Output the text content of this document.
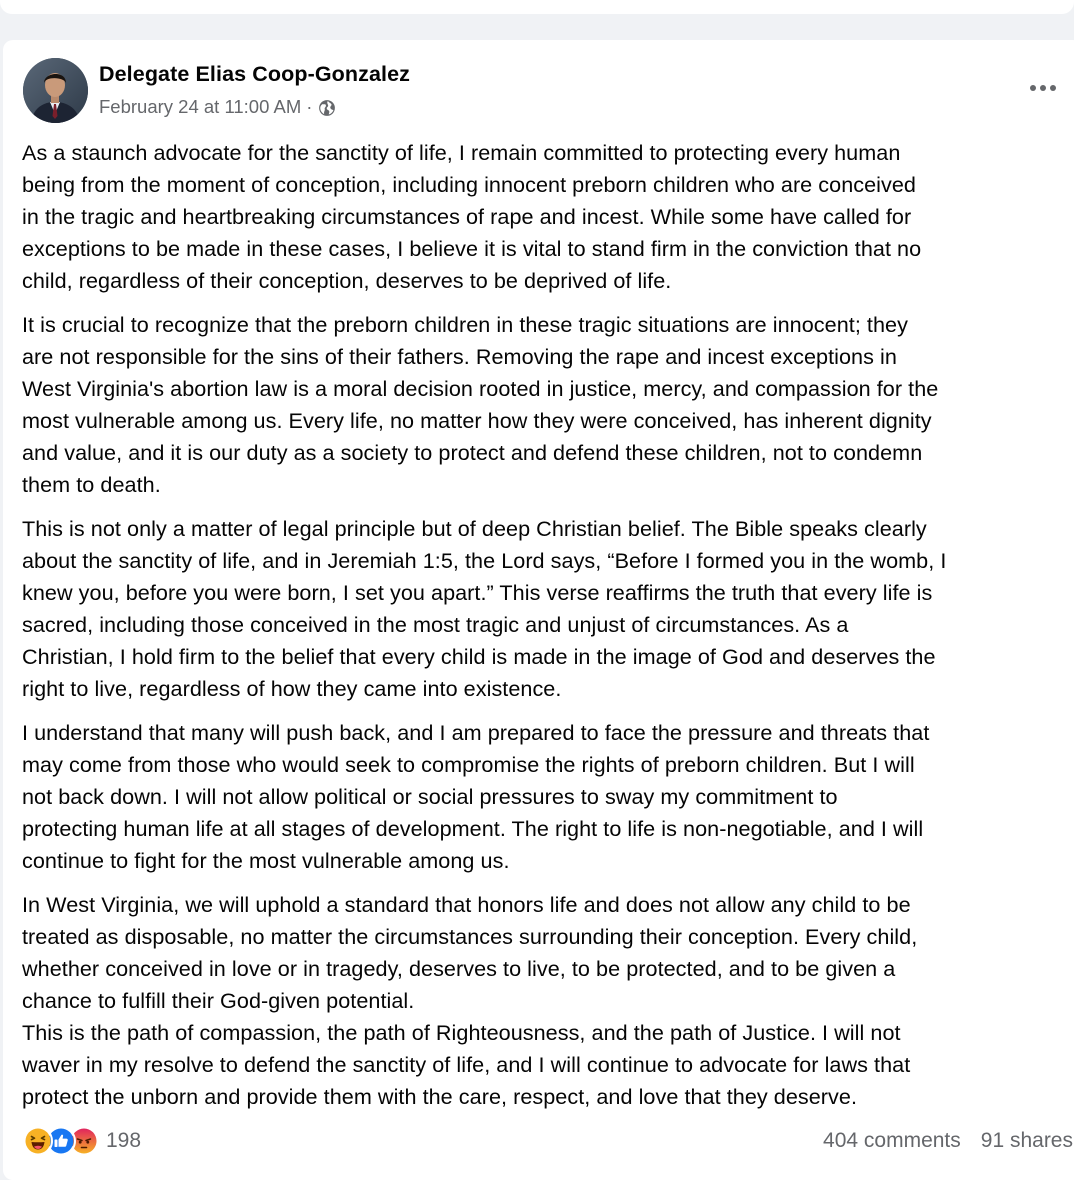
Delegate Elias Coop-Gonzalez
February 24 at 11:00 AM ·

As a staunch advocate for the sanctity of life, I remain committed to protecting every human
being from the moment of conception, including innocent preborn children who are conceived
in the tragic and heartbreaking circumstances of rape and incest. While some have called for
exceptions to be made in these cases, I believe it is vital to stand firm in the conviction that no
child, regardless of their conception, deserves to be deprived of life.

It is crucial to recognize that the preborn children in these tragic situations are innocent; they
are not responsible for the sins of their fathers. Removing the rape and incest exceptions in
West Virginia's abortion law is a moral decision rooted in justice, mercy, and compassion for the
most vulnerable among us. Every life, no matter how they were conceived, has inherent dignity
and value, and it is our duty as a society to protect and defend these children, not to condemn
them to death.

This is not only a matter of legal principle but of deep Christian belief. The Bible speaks clearly
about the sanctity of life, and in Jeremiah 1:5, the Lord says, “Before I formed you in the womb, I
knew you, before you were born, I set you apart.” This verse reaffirms the truth that every life is
sacred, including those conceived in the most tragic and unjust of circumstances. As a
Christian, I hold firm to the belief that every child is made in the image of God and deserves the
right to live, regardless of how they came into existence.

I understand that many will push back, and I am prepared to face the pressure and threats that
may come from those who would seek to compromise the rights of preborn children. But I will
not back down. I will not allow political or social pressures to sway my commitment to
protecting human life at all stages of development. The right to life is non-negotiable, and I will
continue to fight for the most vulnerable among us.

In West Virginia, we will uphold a standard that honors life and does not allow any child to be
treated as disposable, no matter the circumstances surrounding their conception. Every child,
whether conceived in love or in tragedy, deserves to live, to be protected, and to be given a
chance to fulfill their God-given potential.
This is the path of compassion, the path of Righteousness, and the path of Justice. I will not
waver in my resolve to defend the sanctity of life, and I will continue to advocate for laws that
protect the unborn and provide them with the care, respect, and love that they deserve.

198	404 comments 91 shares
